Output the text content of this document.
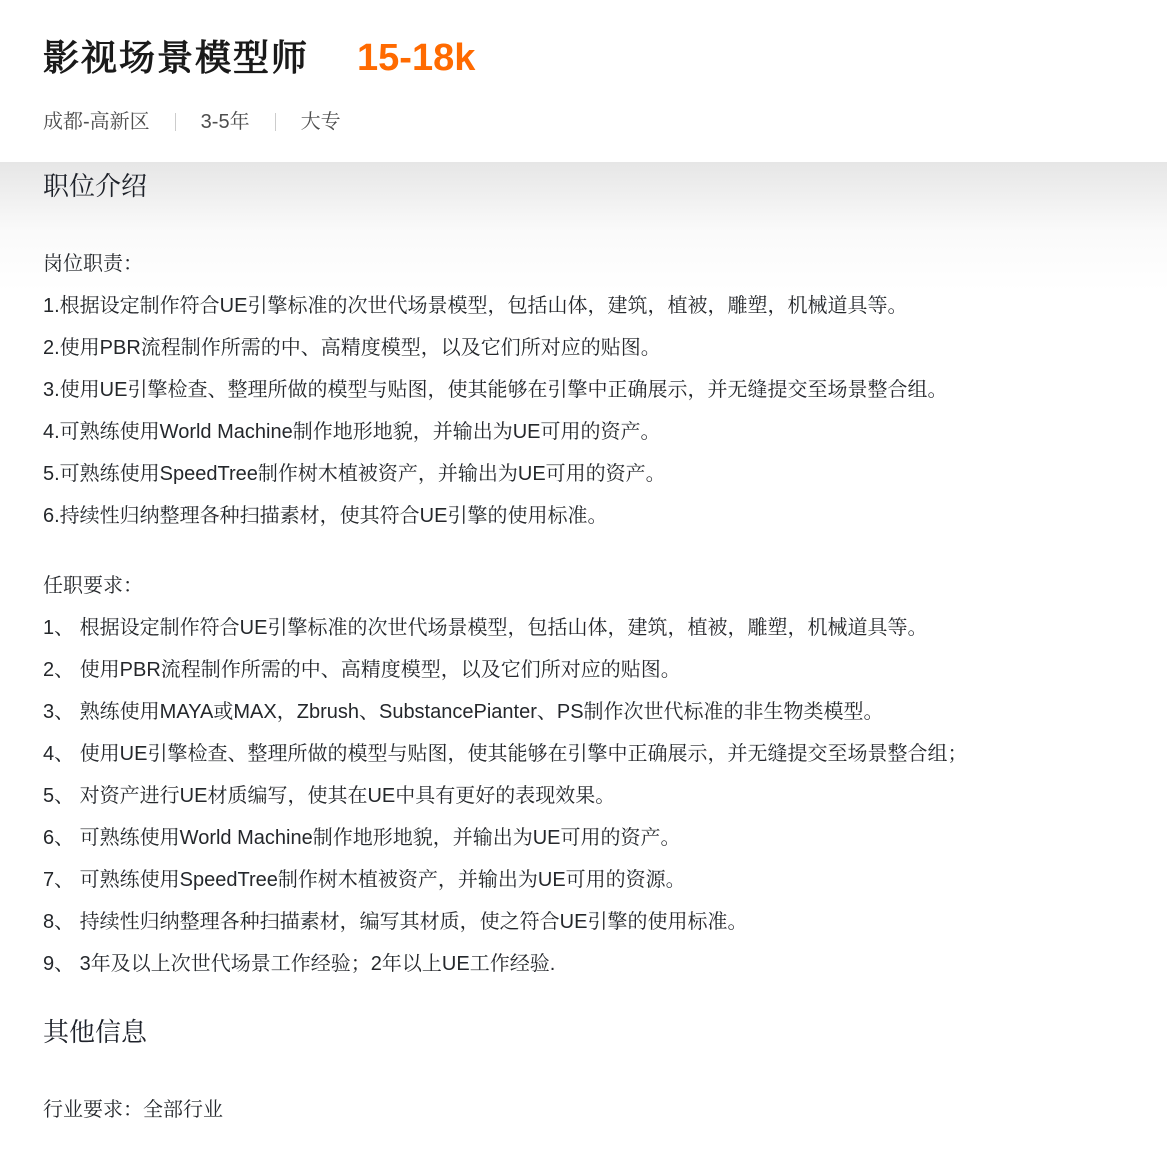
影视场景模型师 15-18k
成都-高新区	3-5年	大专
职位介绍

岗位职责：

1.根据设定制作符合UE引擎标准的次世代场景模型，包括山体，建筑，植被，雕塑，机械道具等。

2.使用PBR流程制作所需的中、高精度模型，以及它们所对应的贴图。

3.使用UE引擎检查、整理所做的模型与贴图，使其能够在引擎中正确展示，并无缝提交至场景整合组。

4.可熟练使用World Machine制作地形地貌，并输出为UE可用的资产。

5.可熟练使用SpeedTree制作树木植被资产，并输出为UE可用的资产。

6.持续性归纳整理各种扫描素材，使其符合UE引擎的使用标准。

任职要求：

1、 根据设定制作符合UE引擎标准的次世代场景模型，包括山体，建筑，植被，雕塑，机械道具等。

2、 使用PBR流程制作所需的中、高精度模型，以及它们所对应的贴图。

3、 熟练使用MAYA或MAX，Zbrush、SubstancePianter、PS制作次世代标准的非生物类模型。

4、 使用UE引擎检查、整理所做的模型与贴图，使其能够在引擎中正确展示，并无缝提交至场景整合组；

5、 对资产进行UE材质编写，使其在UE中具有更好的表现效果。

6、 可熟练使用World Machine制作地形地貌，并输出为UE可用的资产。

7、 可熟练使用SpeedTree制作树木植被资产，并输出为UE可用的资源。

8、 持续性归纳整理各种扫描素材，编写其材质，使之符合UE引擎的使用标准。

9、 3年及以上次世代场景工作经验；2年以上UE工作经验.

其他信息

行业要求：全部行业
